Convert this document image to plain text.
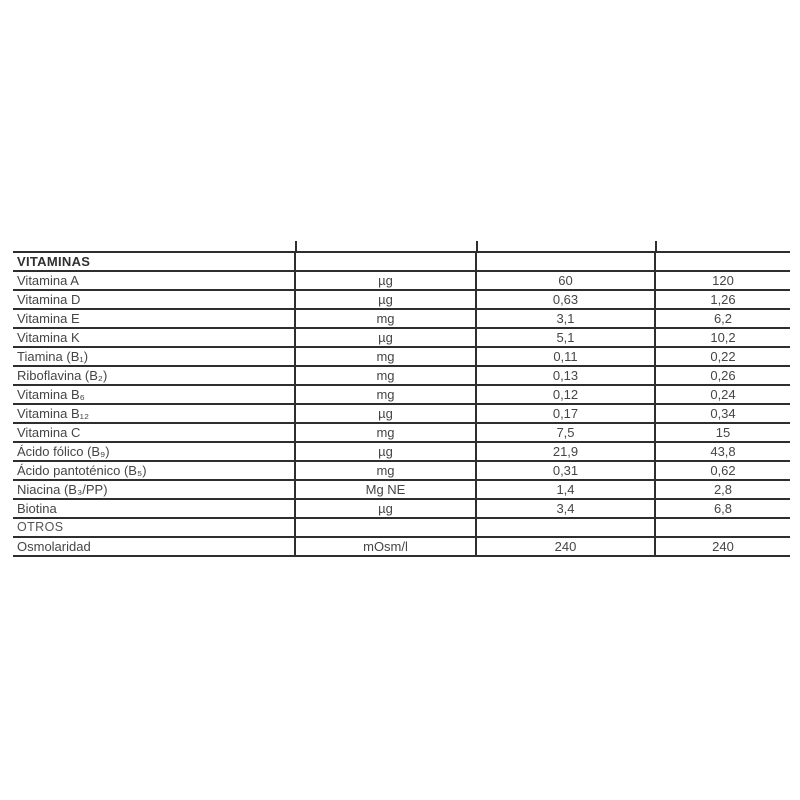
VITAMINAS			
Vitamina A	µg	60	120
Vitamina D	µg	0,63	1,26
Vitamina E	mg	3,1	6,2
Vitamina K	µg	5,1	10,2
Tiamina (B₁)	mg	0,11	0,22
Riboflavina (B₂)	mg	0,13	0,26
Vitamina B₆	mg	0,12	0,24
Vitamina B₁₂	µg	0,17	0,34
Vitamina C	mg	7,5	15
Ácido fólico (B₉)	µg	21,9	43,8
Ácido pantoténico (B₅)	mg	0,31	0,62
Niacina (B₃/PP)	Mg NE	1,4	2,8
Biotina	µg	3,4	6,8
OTROS			
Osmolaridad	mOsm/l	240	240
